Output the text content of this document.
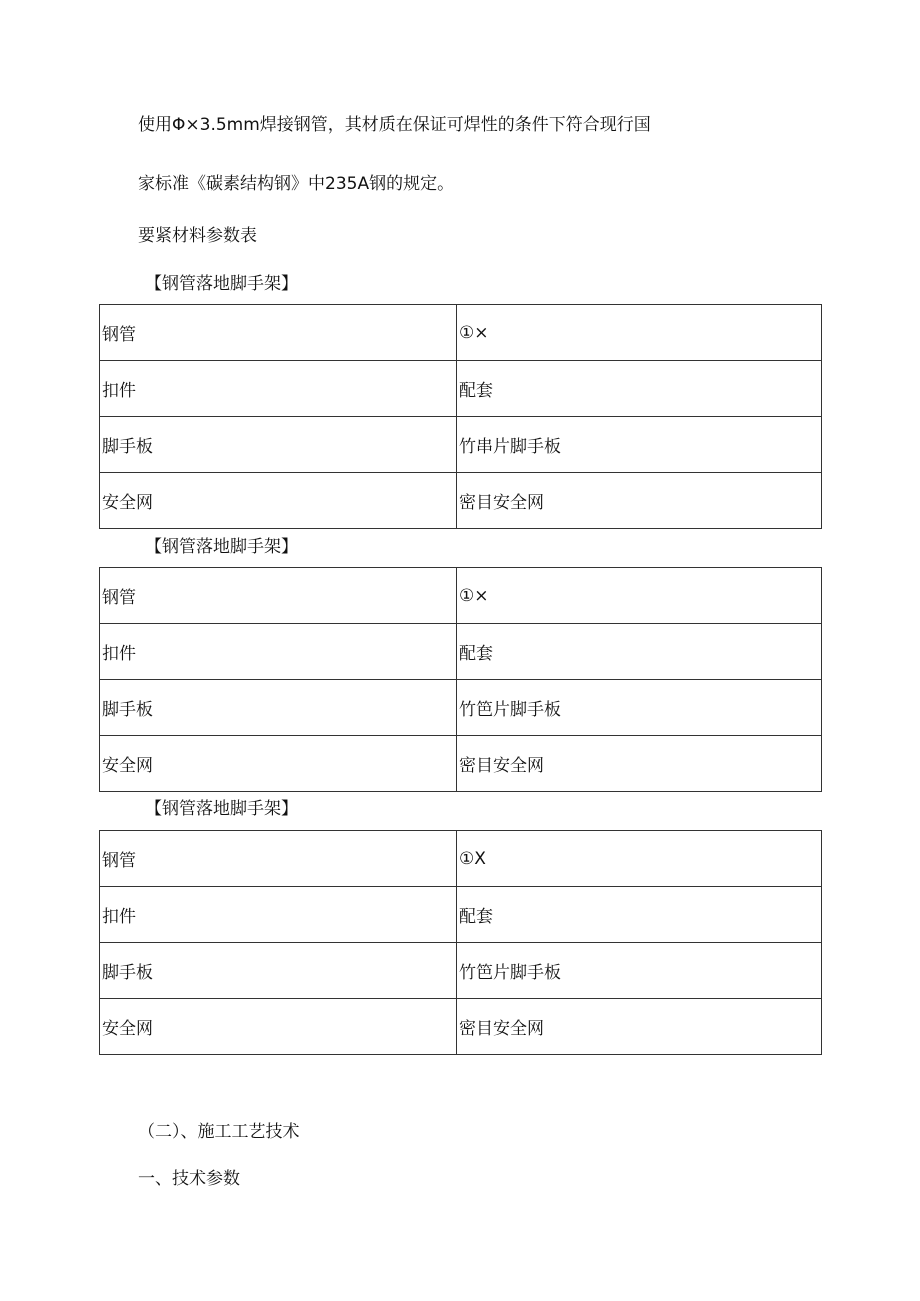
使用Φ×3.5mm焊接钢管，其材质在保证可焊性的条件下符合现行国

家标准《碳素结构钢》中235A钢的规定。

要紧材料参数表

【钢管落地脚手架】

钢管	①×
扣件	配套
脚手板	竹串片脚手板
安全网	密目安全网

【钢管落地脚手架】

钢管	①×
扣件	配套
脚手板	竹笆片脚手板
安全网	密目安全网

【钢管落地脚手架】

钢管	①X
扣件	配套
脚手板	竹笆片脚手板
安全网	密目安全网

（二）、施工工艺技术

一、技术参数
